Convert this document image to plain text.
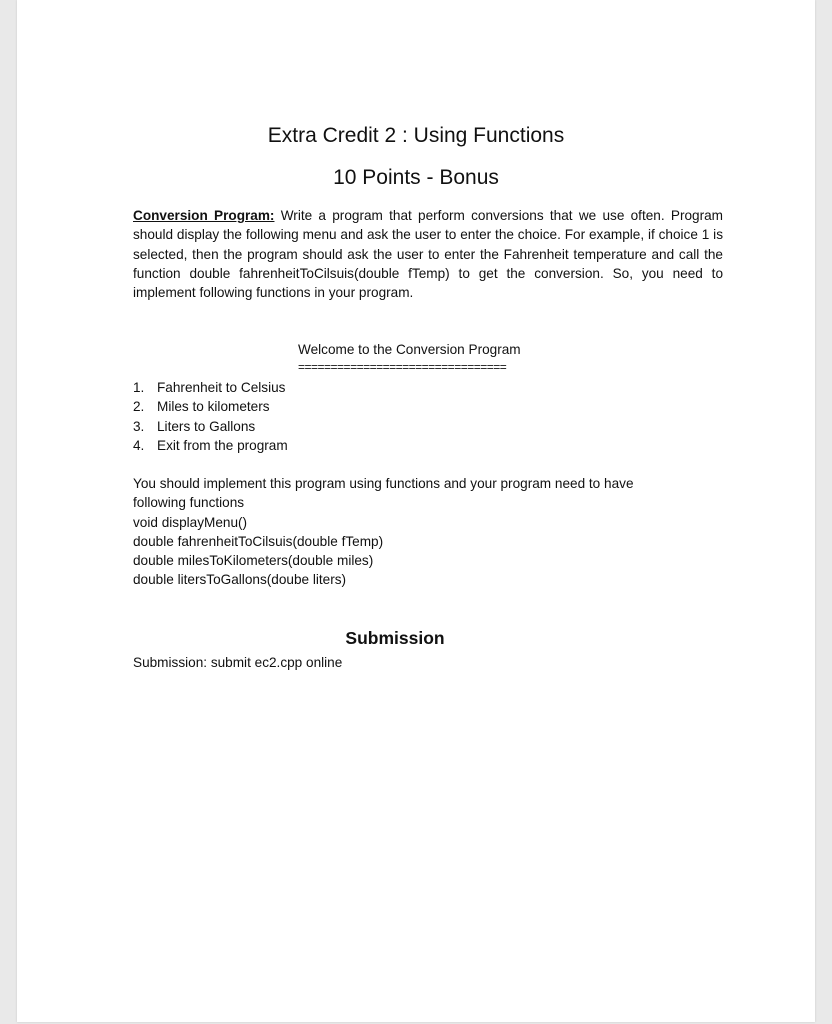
Extra Credit 2 : Using Functions
10 Points - Bonus

Conversion Program: Write a program that perform conversions that we use often. Program should display the following menu and ask the user to enter the choice. For example, if choice 1 is selected, then the program should ask the user to enter the Fahrenheit temperature and call the function double fahrenheitToCilsuis(double fTemp) to get the conversion. So, you need to implement following functions in your program.

Welcome to the Conversion Program
================================
1. Fahrenheit to Celsius
2. Miles to kilometers
3. Liters to Gallons
4. Exit from the program
You should implement this program using functions and your program need to have
following functions
void displayMenu()
double fahrenheitToCilsuis(double fTemp)
double milesToKilometers(double miles)
double litersToGallons(doube liters)
Submission
Submission: submit ec2.cpp online
